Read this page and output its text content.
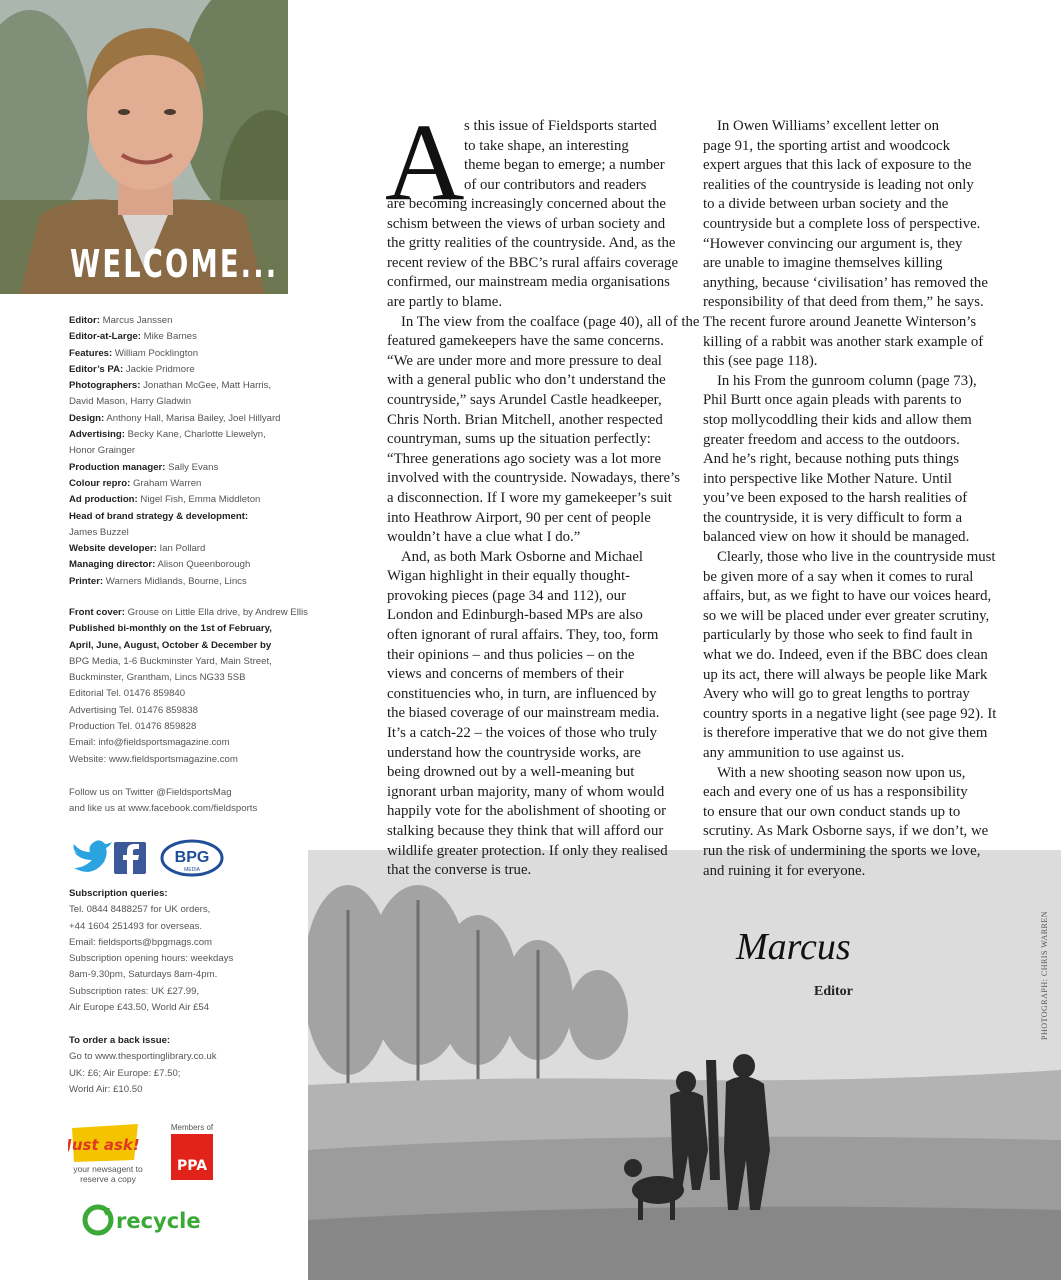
WELCOME...
Editor: Marcus Janssen
Editor-at-Large: Mike Barnes
Features: William Pocklington
Editor’s PA: Jackie Pridmore
Photographers: Jonathan McGee, Matt Harris,
David Mason, Harry Gladwin
Design: Anthony Hall, Marisa Bailey, Joel Hillyard
Advertising: Becky Kane, Charlotte Llewelyn,
Honor Grainger
Production manager: Sally Evans
Colour repro: Graham Warren
Ad production: Nigel Fish, Emma Middleton
Head of brand strategy & development:
James Buzzel
Website developer: Ian Pollard
Managing director: Alison Queenborough
Printer: Warners Midlands, Bourne, Lincs
Front cover: Grouse on Little Ella drive, by Andrew Ellis
Published bi-monthly on the 1st of February,
April, June, August, October & December by
BPG Media, 1-6 Buckminster Yard, Main Street,
Buckminster, Grantham, Lincs NG33 5SB
Editorial Tel. 01476 859840
Advertising Tel. 01476 859838
Production Tel. 01476 859828
Email: info@fieldsportsmagazine.com
Website: www.fieldsportsmagazine.com
Follow us on Twitter @FieldsportsMag
and like us at www.facebook.com/fieldsports
BPG
MEDIA
Subscription queries:
Tel. 0844 8488257 for UK orders,
+44 1604 251493 for overseas.
Email: fieldsports@bpgmags.com
Subscription opening hours: weekdays
8am-9.30pm, Saturdays 8am-4pm.
Subscription rates: UK £27.99,
Air Europe £43.50, World Air £54
To order a back issue:
Go to www.thesportinglibrary.co.uk
UK: £6; Air Europe: £7.50;
World Air: £10.50
Just ask!
your newsagent to
reserve a copy
Members of
PPA
recycle
A s this issue of Fieldsports started
to take shape, an interesting
theme began to emerge; a number
of our contributors and readers
are becoming increasingly concerned about the
schism between the views of urban society and
the gritty realities of the countryside. And, as the
recent review of the BBC’s rural affairs coverage
confirmed, our mainstream media organisations
are partly to blame.
In The view from the coalface (page 40), all of the
featured gamekeepers have the same concerns.
“We are under more and more pressure to deal
with a general public who don’t understand the
countryside,” says Arundel Castle headkeeper,
Chris North. Brian Mitchell, another respected
countryman, sums up the situation perfectly:
“Three generations ago society was a lot more
involved with the countryside. Nowadays, there’s
a disconnection. If I wore my gamekeeper’s suit
into Heathrow Airport, 90 per cent of people
wouldn’t have a clue what I do.”
And, as both Mark Osborne and Michael
Wigan highlight in their equally thought-
provoking pieces (page 34 and 112), our
London and Edinburgh-based MPs are also
often ignorant of rural affairs. They, too, form
their opinions – and thus policies – on the
views and concerns of members of their
constituencies who, in turn, are influenced by
the biased coverage of our mainstream media.
It’s a catch-22 – the voices of those who truly
understand how the countryside works, are
being drowned out by a well-meaning but
ignorant urban majority, many of whom would
happily vote for the abolishment of shooting or
stalking because they think that will afford our
wildlife greater protection. If only they realised
that the converse is true.
In Owen Williams’ excellent letter on
page 91, the sporting artist and woodcock
expert argues that this lack of exposure to the
realities of the countryside is leading not only
to a divide between urban society and the
countryside but a complete loss of perspective.
“However convincing our argument is, they
are unable to imagine themselves killing
anything, because ‘civilisation’ has removed the
responsibility of that deed from them,” he says.
The recent furore around Jeanette Winterson’s
killing of a rabbit was another stark example of
this (see page 118).
In his From the gunroom column (page 73),
Phil Burtt once again pleads with parents to
stop mollycoddling their kids and allow them
greater freedom and access to the outdoors.
And he’s right, because nothing puts things
into perspective like Mother Nature. Until
you’ve been exposed to the harsh realities of
the countryside, it is very difficult to form a
balanced view on how it should be managed.
Clearly, those who live in the countryside must
be given more of a say when it comes to rural
affairs, but, as we fight to have our voices heard,
so we will be placed under ever greater scrutiny,
particularly by those who seek to find fault in
what we do. Indeed, even if the BBC does clean
up its act, there will always be people like Mark
Avery who will go to great lengths to portray
country sports in a negative light (see page 92). It
is therefore imperative that we do not give them
any ammunition to use against us.
With a new shooting season now upon us,
each and every one of us has a responsibility
to ensure that our own conduct stands up to
scrutiny. As Mark Osborne says, if we don’t, we
run the risk of undermining the sports we love,
and ruining it for everyone.
Marcus
Editor	PHOTOGRAPH: CHRIS WARREN
